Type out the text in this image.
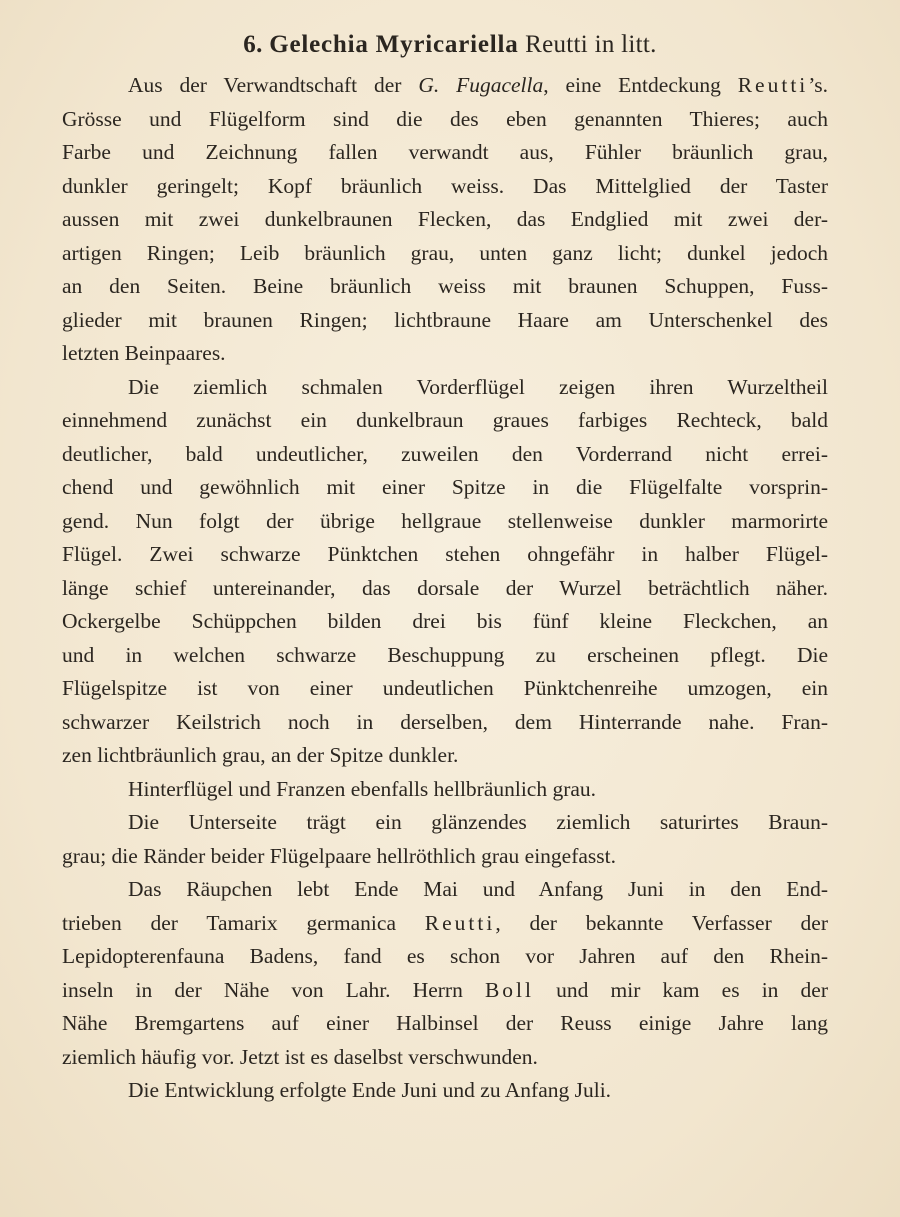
6. Gelechia Myricariella Reutti in litt.
Aus der Verwandtschaft der G. Fugacella, eine Entdeckung Reutti’s.
Grösse und Flügelform sind die des eben genannten Thieres; auch
Farbe und Zeichnung fallen verwandt aus, Fühler bräunlich grau,
dunkler geringelt; Kopf bräunlich weiss. Das Mittelglied der Taster
aussen mit zwei dunkelbraunen Flecken, das Endglied mit zwei der-
artigen Ringen; Leib bräunlich grau, unten ganz licht; dunkel jedoch
an den Seiten. Beine bräunlich weiss mit braunen Schuppen, Fuss-
glieder mit braunen Ringen; lichtbraune Haare am Unterschenkel des
letzten Beinpaares.
Die ziemlich schmalen Vorderflügel zeigen ihren Wurzeltheil
einnehmend zunächst ein dunkelbraun graues farbiges Rechteck, bald
deutlicher, bald undeutlicher, zuweilen den Vorderrand nicht errei-
chend und gewöhnlich mit einer Spitze in die Flügelfalte vorsprin-
gend. Nun folgt der übrige hellgraue stellenweise dunkler marmorirte
Flügel. Zwei schwarze Pünktchen stehen ohngefähr in halber Flügel-
länge schief untereinander, das dorsale der Wurzel beträchtlich näher.
Ockergelbe Schüppchen bilden drei bis fünf kleine Fleckchen, an
und in welchen schwarze Beschuppung zu erscheinen pflegt. Die
Flügelspitze ist von einer undeutlichen Pünktchenreihe umzogen, ein
schwarzer Keilstrich noch in derselben, dem Hinterrande nahe. Fran-
zen lichtbräunlich grau, an der Spitze dunkler.
Hinterflügel und Franzen ebenfalls hellbräunlich grau.
Die Unterseite trägt ein glänzendes ziemlich saturirtes Braun-
grau; die Ränder beider Flügelpaare hellröthlich grau eingefasst.
Das Räupchen lebt Ende Mai und Anfang Juni in den End-
trieben der Tamarix germanica Reutti, der bekannte Verfasser der
Lepidopterenfauna Badens, fand es schon vor Jahren auf den Rhein-
inseln in der Nähe von Lahr. Herrn Boll und mir kam es in der
Nähe Bremgartens auf einer Halbinsel der Reuss einige Jahre lang
ziemlich häufig vor. Jetzt ist es daselbst verschwunden.
Die Entwicklung erfolgte Ende Juni und zu Anfang Juli.
